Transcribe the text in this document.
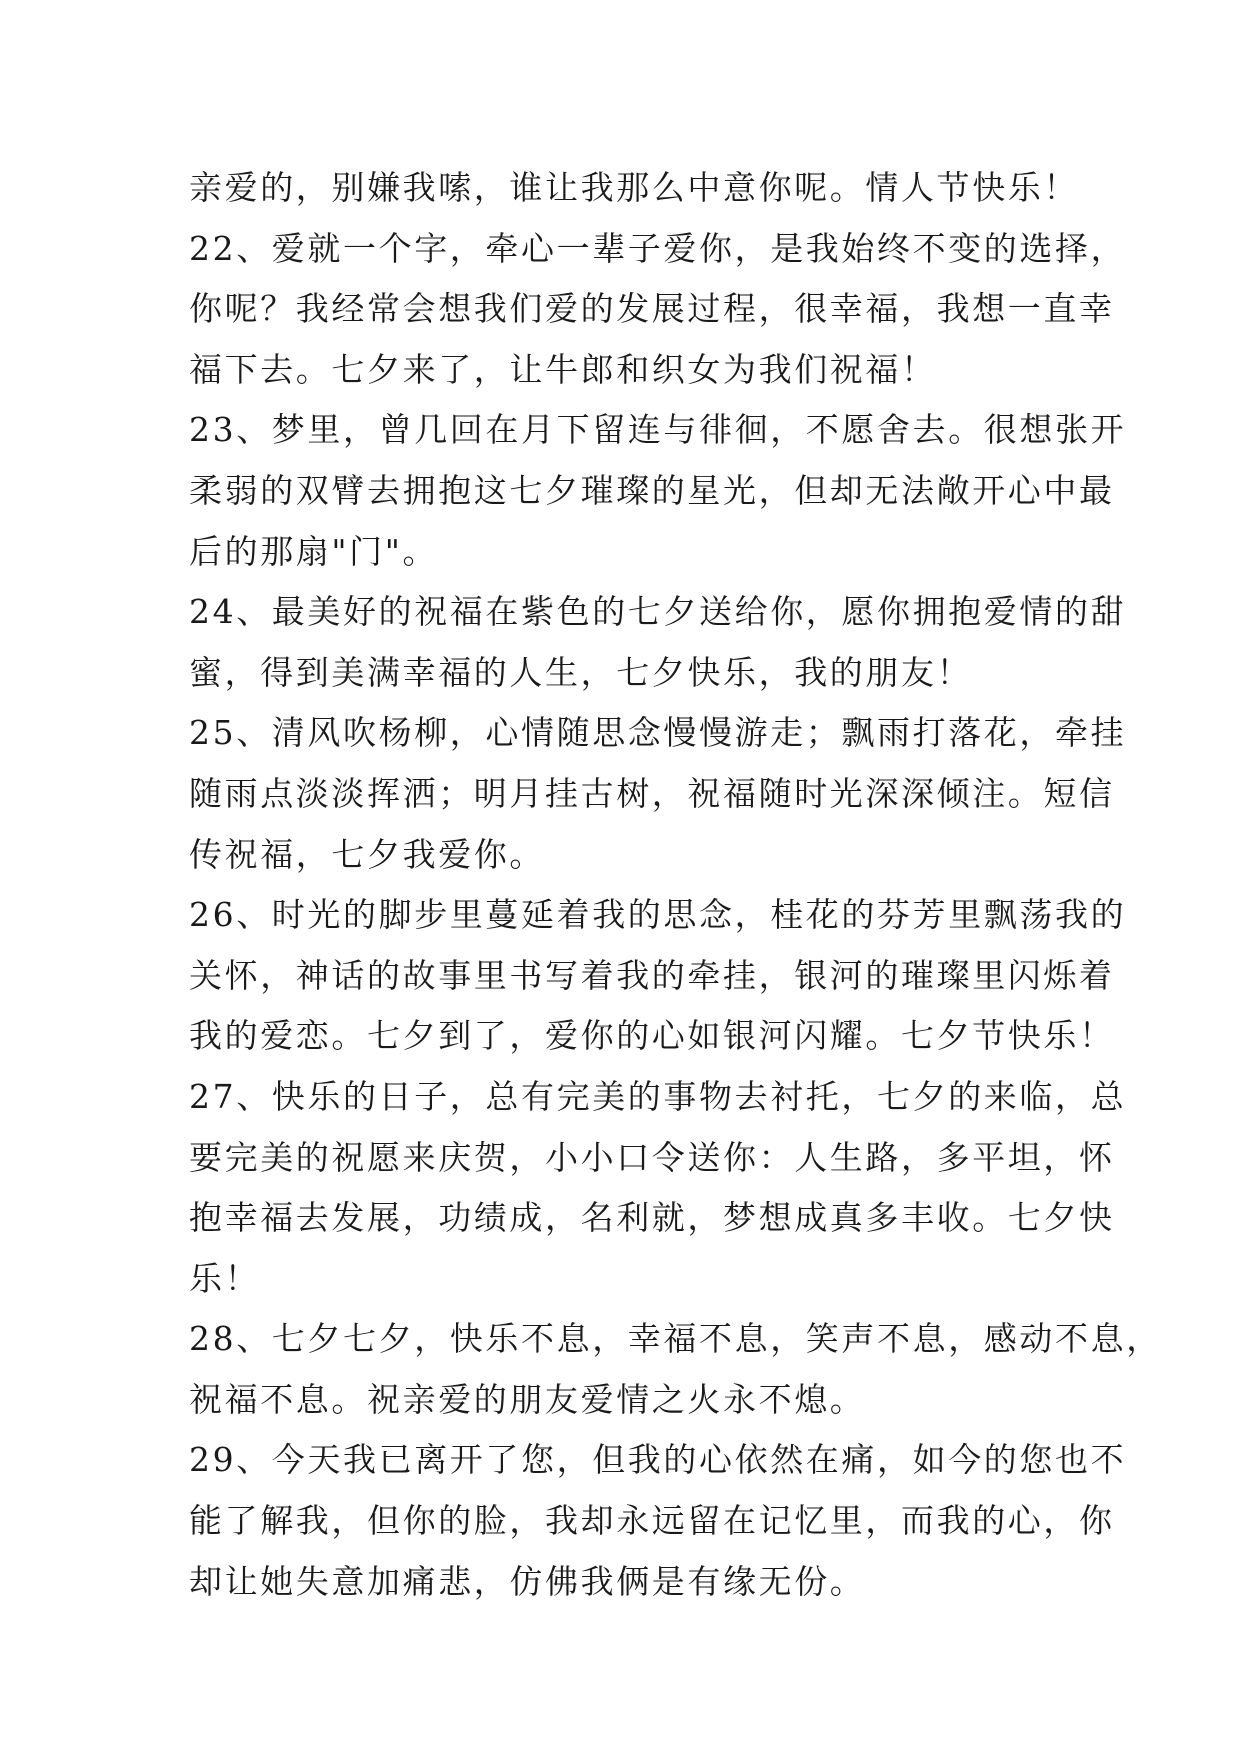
亲爱的，别嫌我嗦，谁让我那么中意你呢。情人节快乐！
22、爱就一个字，牵心一辈子爱你，是我始终不变的选择，
你呢？我经常会想我们爱的发展过程，很幸福，我想一直幸
福下去。七夕来了，让牛郎和织女为我们祝福！
23、梦里，曾几回在月下留连与徘徊，不愿舍去。很想张开
柔弱的双臂去拥抱这七夕璀璨的星光，但却无法敞开心中最
后的那扇"门"。
24、最美好的祝福在紫色的七夕送给你，愿你拥抱爱情的甜
蜜，得到美满幸福的人生，七夕快乐，我的朋友！
25、清风吹杨柳，心情随思念慢慢游走；飘雨打落花，牵挂
随雨点淡淡挥洒；明月挂古树，祝福随时光深深倾注。短信
传祝福，七夕我爱你。
26、时光的脚步里蔓延着我的思念，桂花的芬芳里飘荡我的
关怀，神话的故事里书写着我的牵挂，银河的璀璨里闪烁着
我的爱恋。七夕到了，爱你的心如银河闪耀。七夕节快乐！
27、快乐的日子，总有完美的事物去衬托，七夕的来临，总
要完美的祝愿来庆贺，小小口令送你：人生路，多平坦，怀
抱幸福去发展，功绩成，名利就，梦想成真多丰收。七夕快
乐！
28、七夕七夕，快乐不息，幸福不息，笑声不息，感动不息，
祝福不息。祝亲爱的朋友爱情之火永不熄。
29、今天我已离开了您，但我的心依然在痛，如今的您也不
能了解我，但你的脸，我却永远留在记忆里，而我的心，你
却让她失意加痛悲，仿佛我俩是有缘无份。
